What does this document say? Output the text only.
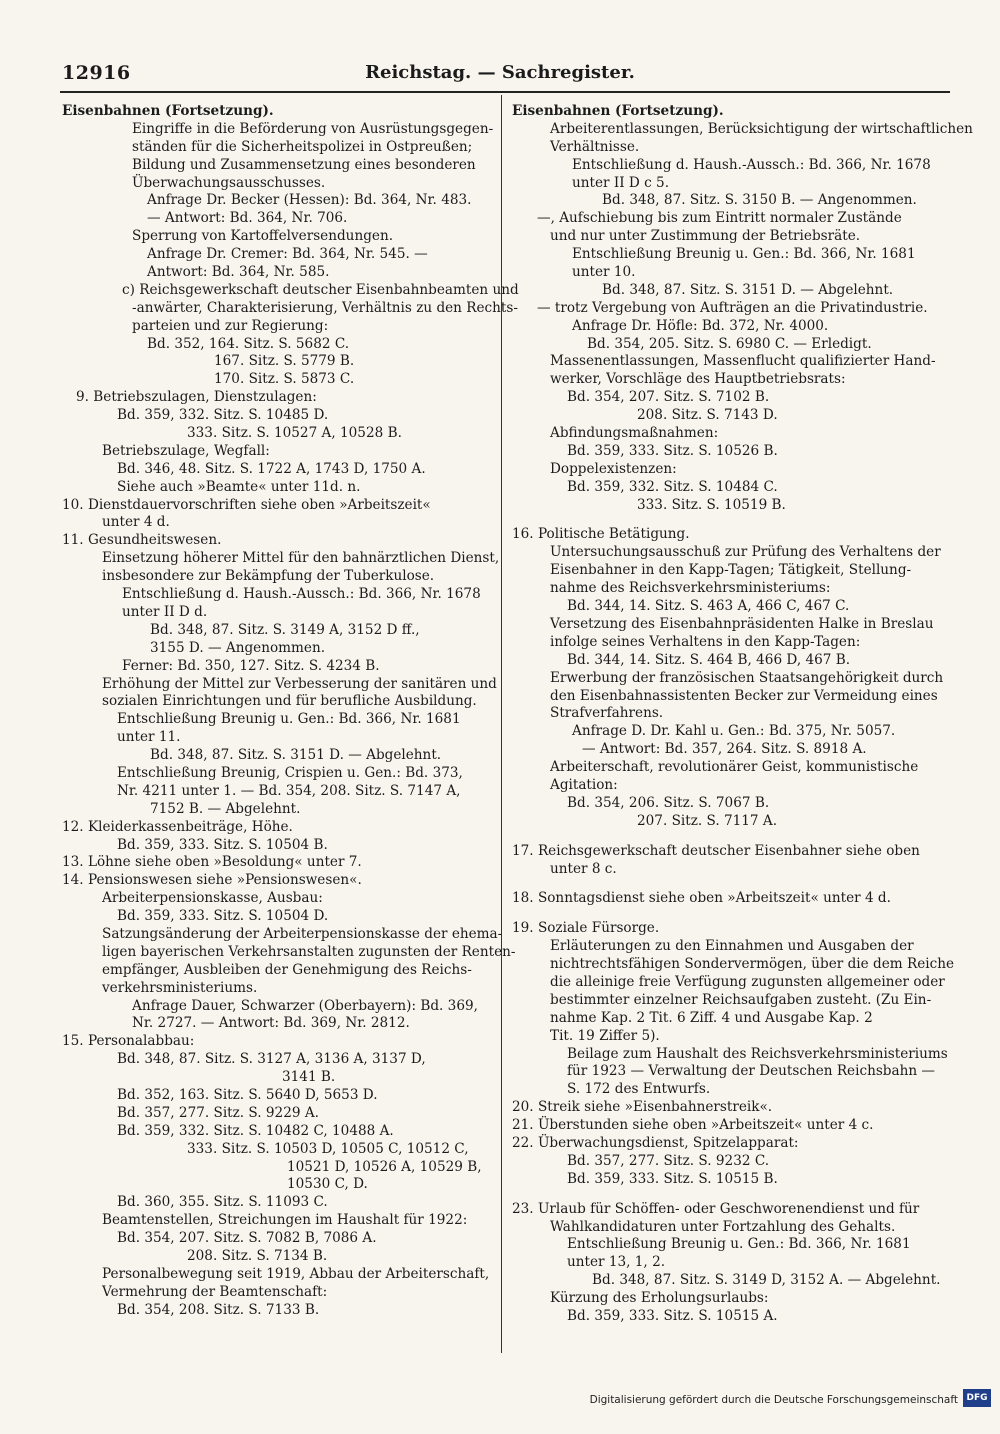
12916	Reichstag. — Sachregister.
Eisenbahnen (Fortsetzung).
Eingriffe in die Beförderung von Ausrüstungsgegen-
ständen für die Sicherheitspolizei in Ostpreußen;
Bildung und Zusammensetzung eines besonderen
Überwachungsausschusses.
Anfrage Dr. Becker (Hessen): Bd. 364, Nr. 483.
— Antwort: Bd. 364, Nr. 706.
Sperrung von Kartoffelversendungen.
Anfrage Dr. Cremer: Bd. 364, Nr. 545. —
Antwort: Bd. 364, Nr. 585.
c) Reichsgewerkschaft deutscher Eisenbahnbeamten und
-anwärter, Charakterisierung, Verhältnis zu den Rechts-
parteien und zur Regierung:
Bd. 352, 164. Sitz. S. 5682 C.
167. Sitz. S. 5779 B.
170. Sitz. S. 5873 C.
9. Betriebszulagen, Dienstzulagen:
Bd. 359, 332. Sitz. S. 10485 D.
333. Sitz. S. 10527 A, 10528 B.
Betriebszulage, Wegfall:
Bd. 346, 48. Sitz. S. 1722 A, 1743 D, 1750 A.
Siehe auch »Beamte« unter 11d. n.
10. Dienstdauervorschriften siehe oben »Arbeitszeit«
unter 4 d.
11. Gesundheitswesen.
Einsetzung höherer Mittel für den bahnärztlichen Dienst,
insbesondere zur Bekämpfung der Tuberkulose.
Entschließung d. Haush.-Aussch.: Bd. 366, Nr. 1678
unter II D d.
Bd. 348, 87. Sitz. S. 3149 A, 3152 D ff.,
3155 D. — Angenommen.
Ferner: Bd. 350, 127. Sitz. S. 4234 B.
Erhöhung der Mittel zur Verbesserung der sanitären und
sozialen Einrichtungen und für berufliche Ausbildung.
Entschließung Breunig u. Gen.: Bd. 366, Nr. 1681
unter 11.
Bd. 348, 87. Sitz. S. 3151 D. — Abgelehnt.
Entschließung Breunig, Crispien u. Gen.: Bd. 373,
Nr. 4211 unter 1. — Bd. 354, 208. Sitz. S. 7147 A,
7152 B. — Abgelehnt.
12. Kleiderkassenbeiträge, Höhe.
Bd. 359, 333. Sitz. S. 10504 B.
13. Löhne siehe oben »Besoldung« unter 7.
14. Pensionswesen siehe »Pensionswesen«.
Arbeiterpensionskasse, Ausbau:
Bd. 359, 333. Sitz. S. 10504 D.
Satzungsänderung der Arbeiterpensionskasse der ehema-
ligen bayerischen Verkehrsanstalten zugunsten der Renten-
empfänger, Ausbleiben der Genehmigung des Reichs-
verkehrsministeriums.
Anfrage Dauer, Schwarzer (Oberbayern): Bd. 369,
Nr. 2727. — Antwort: Bd. 369, Nr. 2812.
15. Personalabbau:
Bd. 348, 87. Sitz. S. 3127 A, 3136 A, 3137 D,
3141 B.
Bd. 352, 163. Sitz. S. 5640 D, 5653 D.
Bd. 357, 277. Sitz. S. 9229 A.
Bd. 359, 332. Sitz. S. 10482 C, 10488 A.
333. Sitz. S. 10503 D, 10505 C, 10512 C,
10521 D, 10526 A, 10529 B,
10530 C, D.
Bd. 360, 355. Sitz. S. 11093 C.
Beamtenstellen, Streichungen im Haushalt für 1922:
Bd. 354, 207. Sitz. S. 7082 B, 7086 A.
208. Sitz. S. 7134 B.
Personalbewegung seit 1919, Abbau der Arbeiterschaft,
Vermehrung der Beamtenschaft:
Bd. 354, 208. Sitz. S. 7133 B.
Eisenbahnen (Fortsetzung).
Arbeiterentlassungen, Berücksichtigung der wirtschaftlichen
Verhältnisse.
Entschließung d. Haush.-Aussch.: Bd. 366, Nr. 1678
unter II D c 5.
Bd. 348, 87. Sitz. S. 3150 B. — Angenommen.
—, Aufschiebung bis zum Eintritt normaler Zustände
und nur unter Zustimmung der Betriebsräte.
Entschließung Breunig u. Gen.: Bd. 366, Nr. 1681
unter 10.
Bd. 348, 87. Sitz. S. 3151 D. — Abgelehnt.
— trotz Vergebung von Aufträgen an die Privatindustrie.
Anfrage Dr. Höfle: Bd. 372, Nr. 4000.
Bd. 354, 205. Sitz. S. 6980 C. — Erledigt.
Massenentlassungen, Massenflucht qualifizierter Hand-
werker, Vorschläge des Hauptbetriebsrats:
Bd. 354, 207. Sitz. S. 7102 B.
208. Sitz. S. 7143 D.
Abfindungsmaßnahmen:
Bd. 359, 333. Sitz. S. 10526 B.
Doppelexistenzen:
Bd. 359, 332. Sitz. S. 10484 C.
333. Sitz. S. 10519 B.
16. Politische Betätigung.
Untersuchungsausschuß zur Prüfung des Verhaltens der
Eisenbahner in den Kapp-Tagen; Tätigkeit, Stellung-
nahme des Reichsverkehrsministeriums:
Bd. 344, 14. Sitz. S. 463 A, 466 C, 467 C.
Versetzung des Eisenbahnpräsidenten Halke in Breslau
infolge seines Verhaltens in den Kapp-Tagen:
Bd. 344, 14. Sitz. S. 464 B, 466 D, 467 B.
Erwerbung der französischen Staatsangehörigkeit durch
den Eisenbahnassistenten Becker zur Vermeidung eines
Strafverfahrens.
Anfrage D. Dr. Kahl u. Gen.: Bd. 375, Nr. 5057.
— Antwort: Bd. 357, 264. Sitz. S. 8918 A.
Arbeiterschaft, revolutionärer Geist, kommunistische
Agitation:
Bd. 354, 206. Sitz. S. 7067 B.
207. Sitz. S. 7117 A.
17. Reichsgewerkschaft deutscher Eisenbahner siehe oben
unter 8 c.
18. Sonntagsdienst siehe oben »Arbeitszeit« unter 4 d.
19. Soziale Fürsorge.
Erläuterungen zu den Einnahmen und Ausgaben der
nichtrechtsfähigen Sondervermögen, über die dem Reiche
die alleinige freie Verfügung zugunsten allgemeiner oder
bestimmter einzelner Reichsaufgaben zusteht. (Zu Ein-
nahme Kap. 2 Tit. 6 Ziff. 4 und Ausgabe Kap. 2
Tit. 19 Ziffer 5).
Beilage zum Haushalt des Reichsverkehrsministeriums
für 1923 — Verwaltung der Deutschen Reichsbahn —
S. 172 des Entwurfs.
20. Streik siehe »Eisenbahnerstreik«.
21. Überstunden siehe oben »Arbeitszeit« unter 4 c.
22. Überwachungsdienst, Spitzelapparat:
Bd. 357, 277. Sitz. S. 9232 C.
Bd. 359, 333. Sitz. S. 10515 B.
23. Urlaub für Schöffen- oder Geschworenendienst und für
Wahlkandidaturen unter Fortzahlung des Gehalts.
Entschließung Breunig u. Gen.: Bd. 366, Nr. 1681
unter 13, 1, 2.
Bd. 348, 87. Sitz. S. 3149 D, 3152 A. — Abgelehnt.
Kürzung des Erholungsurlaubs:
Bd. 359, 333. Sitz. S. 10515 A.
Digitalisierung gefördert durch die Deutsche Forschungsgemeinschaft DFG
